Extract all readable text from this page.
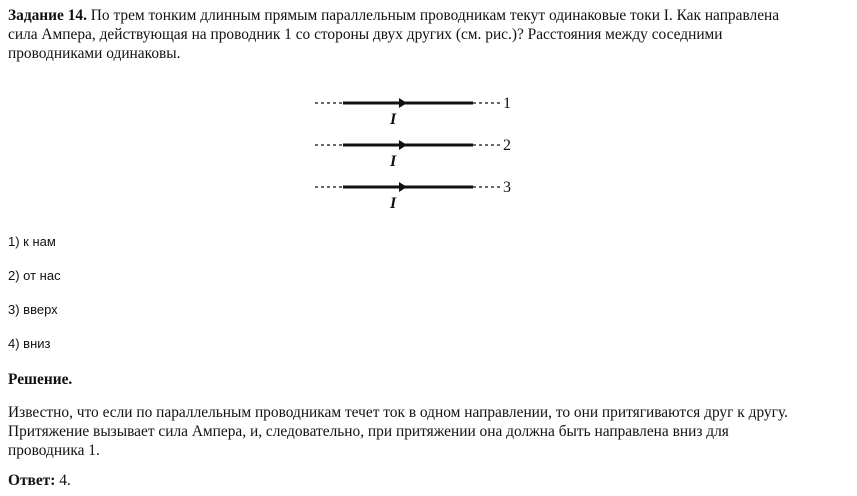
Задание 14. По трем тонким длинным прямым параллельным проводникам текут одинаковые токи I. Как направлена сила Ампера, действующая на проводник 1 со стороны двух других (см. рис.)? Расстояния между соседними проводниками одинаковы.

I
1
I
2
I
3
1) к нам
2) от нас
3) вверх
4) вниз
Решение.

Известно, что если по параллельным проводникам течет ток в одном направлении, то они притягиваются друг к другу. Притяжение вызывает сила Ампера, и, следовательно, при притяжении она должна быть направлена вниз для проводника 1.

Ответ: 4.
